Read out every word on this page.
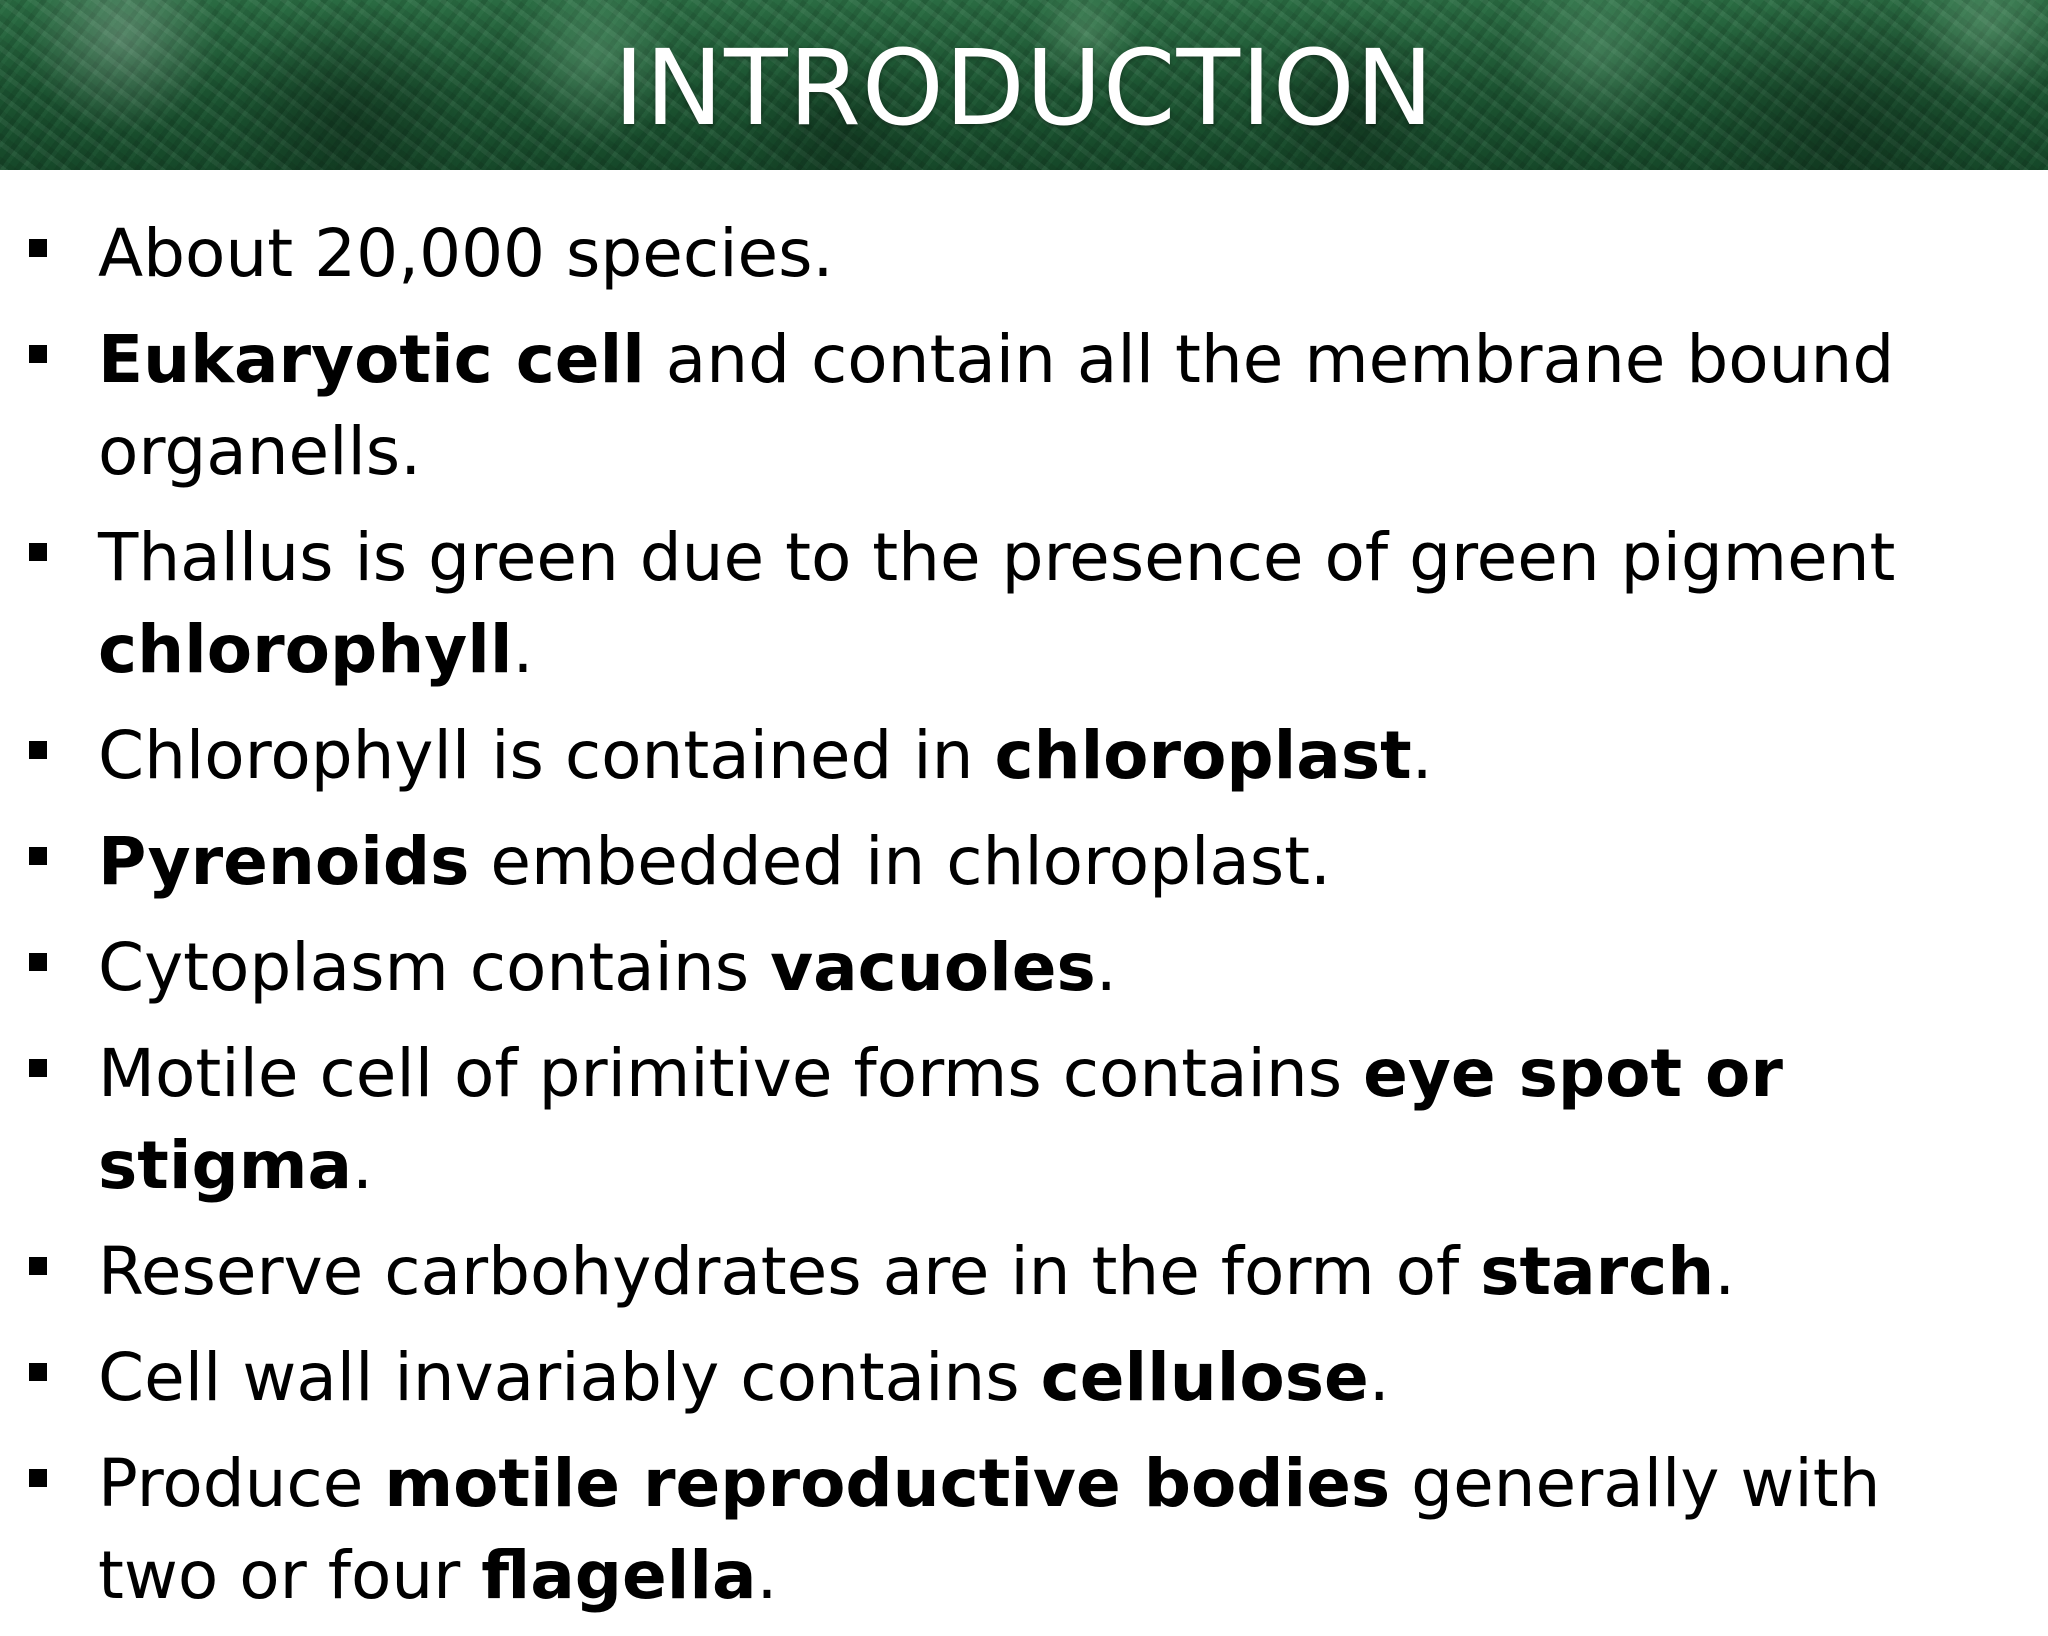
INTRODUCTION
About 20,000 species.
Eukaryotic cell and contain all the membrane bound organells.
Thallus is green due to the presence of green pigment chlorophyll.
Chlorophyll is contained in chloroplast.
Pyrenoids embedded in chloroplast.
Cytoplasm contains vacuoles.
Motile cell of primitive forms contains eye spot or stigma.
Reserve carbohydrates are in the form of starch.
Cell wall invariably contains cellulose.
Produce motile reproductive bodies generally with two or four flagella.
